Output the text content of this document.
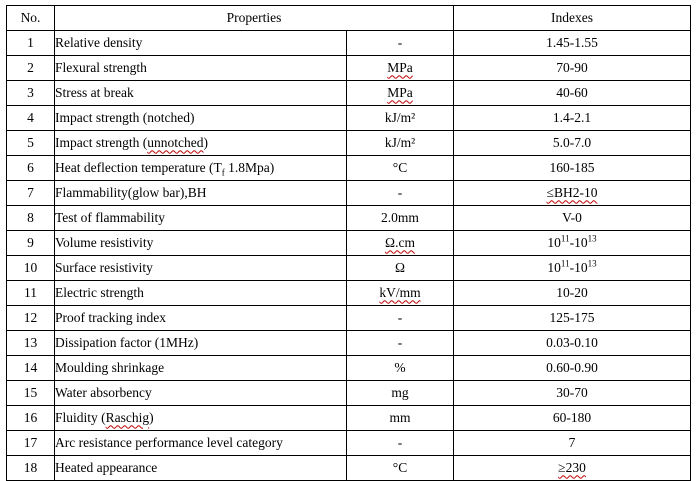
No.	Properties		Indexes
1	Relative density	-	1.45-1.55
2	Flexural strength	MPa	70-90
3	Stress at break	MPa	40-60
4	Impact strength (notched)	kJ/m²	1.4-2.1
5	Impact strength (unnotched)	kJ/m²	5.0-7.0
6	Heat deflection temperature ($T_f$ 1.8Mpa)	°C	160-185
7	Flammability(glow bar),BH	-	≤BH2-10
8	Test of flammability	2.0mm	V-0
9	Volume resistivity	Ω.cm	$10^{11}-10^{13}$
10	Surface resistivity	Ω	$10^{11}-10^{13}$
11	Electric strength	kV/mm	10-20
12	Proof tracking index	-	125-175
13	Dissipation factor (1MHz)	-	0.03-0.10
14	Moulding shrinkage	%	0.60-0.90
15	Water absorbency	mg	30-70
16	Fluidity (Raschig)	mm	60-180
17	Arc resistance performance level category	-	7
18	Heated appearance	°C	≥230
